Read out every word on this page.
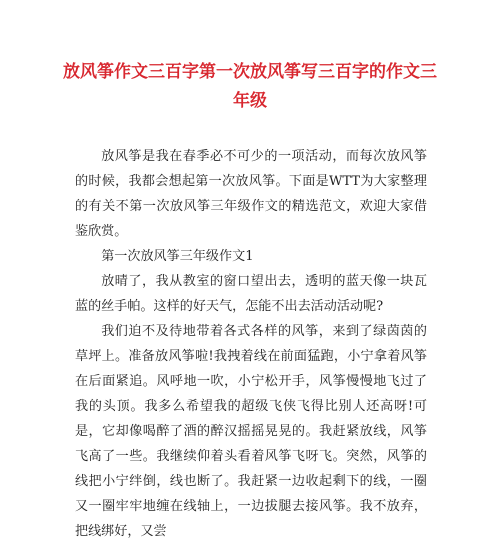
放风筝作文三百字第一次放风筝写三百字的作文三年级

放风筝是我在春季必不可少的一项活动，而每次放风筝的时候，我都会想起第一次放风筝。下面是WTT为大家整理的有关不第一次放风筝三年级作文的精选范文，欢迎大家借鉴欣赏。

第一次放风筝三年级作文1

放晴了，我从教室的窗口望出去，透明的蓝天像一块瓦蓝的丝手帕。这样的好天气，怎能不出去活动活动呢?

我们迫不及待地带着各式各样的风筝，来到了绿茵茵的草坪上。准备放风筝啦!我拽着线在前面猛跑，小宁拿着风筝在后面紧追。风呼地一吹，小宁松开手，风筝慢慢地飞过了我的头顶。我多么希望我的超级飞侠飞得比别人还高呀!可是，它却像喝醉了酒的醉汉摇摇晃晃的。我赶紧放线，风筝飞高了一些。我继续仰着头看着风筝飞呀飞。突然，风筝的线把小宁绊倒，线也断了。我赶紧一边收起剩下的线，一圈又一圈牢牢地缠在线轴上，一边拔腿去接风筝。我不放弃，把线绑好，又尝
